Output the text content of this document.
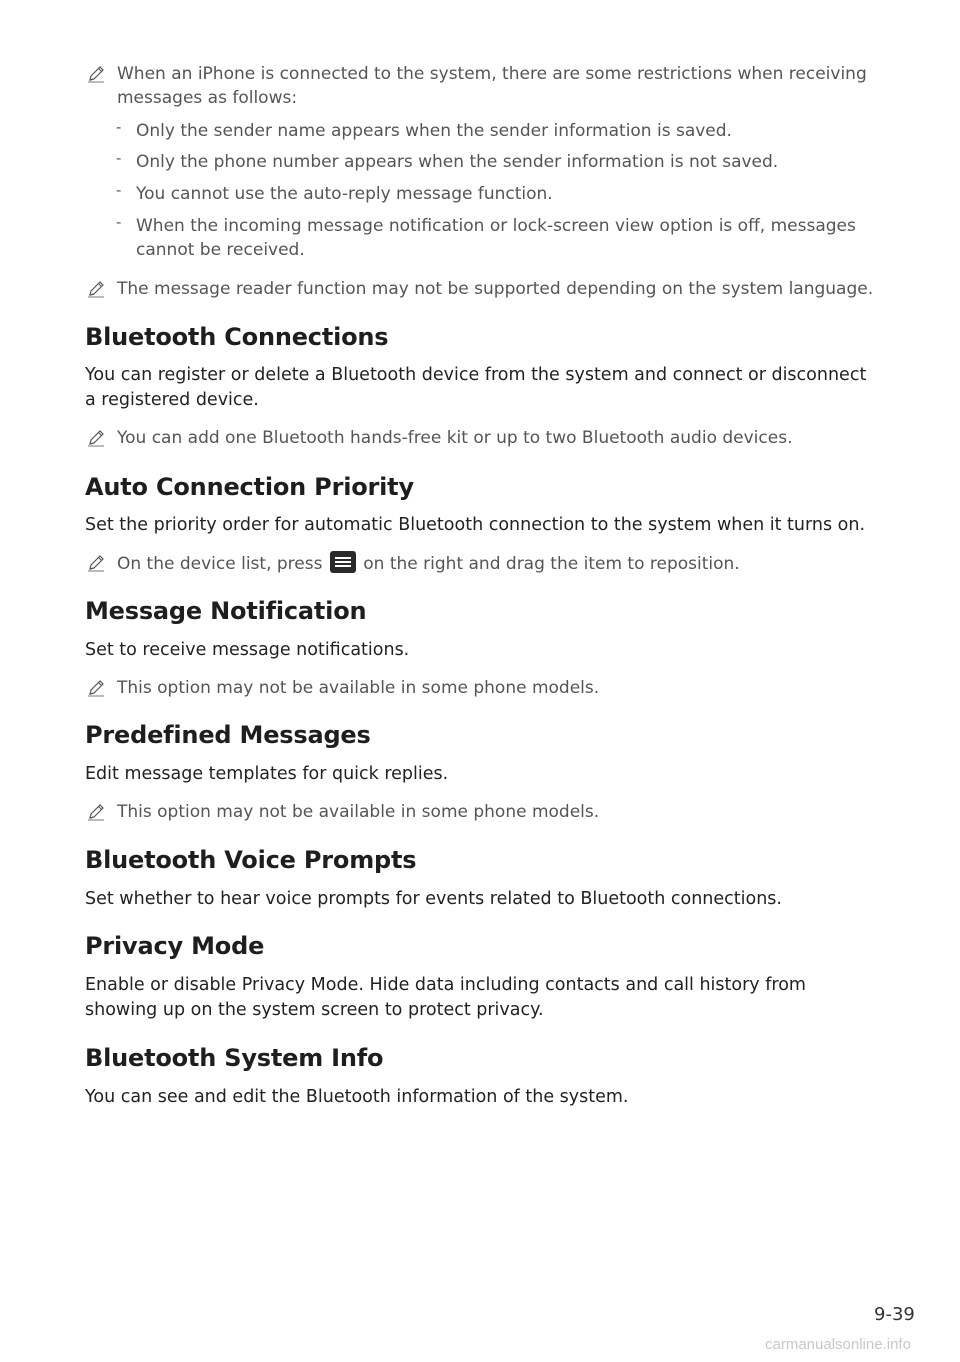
When an iPhone is connected to the system, there are some restrictions when receiving messages as follows:
- Only the sender name appears when the sender information is saved.
- Only the phone number appears when the sender information is not saved.
- You cannot use the auto-reply message function.
- When the incoming message notification or lock-screen view option is off, messages cannot be received.
The message reader function may not be supported depending on the system language.
Bluetooth Connections

You can register or delete a Bluetooth device from the system and connect or disconnect a registered device.

You can add one Bluetooth hands-free kit or up to two Bluetooth audio devices.
Auto Connection Priority

Set the priority order for automatic Bluetooth connection to the system when it turns on.

On the device list, press on the right and drag the item to reposition.
Message Notification

Set to receive message notifications.

This option may not be available in some phone models.
Predefined Messages

Edit message templates for quick replies.

This option may not be available in some phone models.
Bluetooth Voice Prompts

Set whether to hear voice prompts for events related to Bluetooth connections.

Privacy Mode

Enable or disable Privacy Mode. Hide data including contacts and call history from showing up on the system screen to protect privacy.

Bluetooth System Info

You can see and edit the Bluetooth information of the system.

9-39
carmanualsonline.info
